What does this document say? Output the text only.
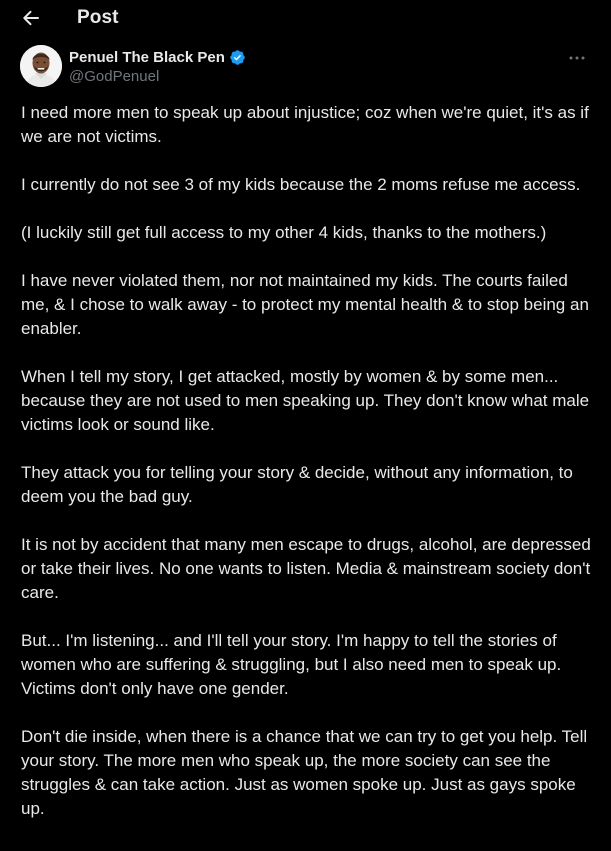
Post
Penuel The Black Pen
@GodPenuel

I need more men to speak up about injustice; coz when we're quiet, it's as if we are not victims.

I currently do not see 3 of my kids because the 2 moms refuse me access.

(I luckily still get full access to my other 4 kids, thanks to the mothers.)

I have never violated them, nor not maintained my kids. The courts failed me, & I chose to walk away - to protect my mental health & to stop being an enabler.

When I tell my story, I get attacked, mostly by women & by some men... because they are not used to men speaking up. They don't know what male victims look or sound like.

They attack you for telling your story & decide, without any information, to deem you the bad guy.

It is not by accident that many men escape to drugs, alcohol, are depressed or take their lives. No one wants to listen. Media & mainstream society don't care.

But... I'm listening... and I'll tell your story. I'm happy to tell the stories of women who are suffering & struggling, but I also need men to speak up. Victims don't only have one gender.

Don't die inside, when there is a chance that we can try to get you help. Tell your story. The more men who speak up, the more society can see the struggles & can take action. Just as women spoke up. Just as gays spoke up.
